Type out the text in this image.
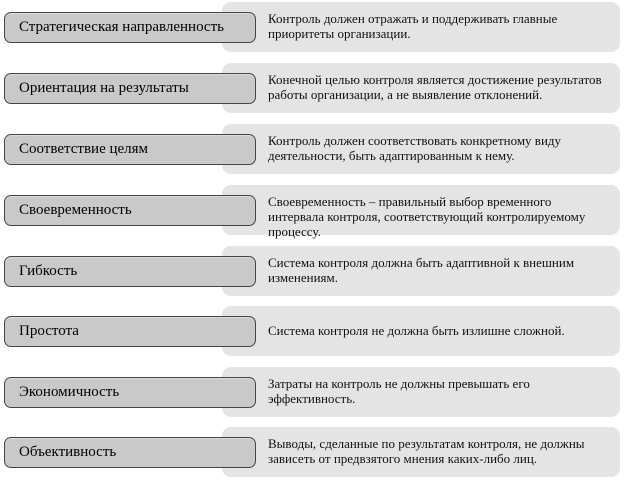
Контроль должен отражать и поддерживать главные приоритеты организации.
Стратегическая направленность
Конечной целью контроля является достижение результатов работы организации, а не выявление отклонений.
Ориентация на результаты
Контроль должен соответствовать конкретному виду деятельности, быть адаптированным к нему.
Соответствие целям
Своевременность – правильный выбор временного интервала контроля, соответствующий контролируемому процессу.
Своевременность
Система контроля должна быть адаптивной к внешним изменениям.
Гибкость
Система контроля не должна быть излишне сложной.
Простота
Затраты на контроль не должны превышать его эффективность.
Экономичность
Выводы, сделанные по результатам контроля, не должны зависеть от предвзятого мнения каких-либо лиц.
Объективность
